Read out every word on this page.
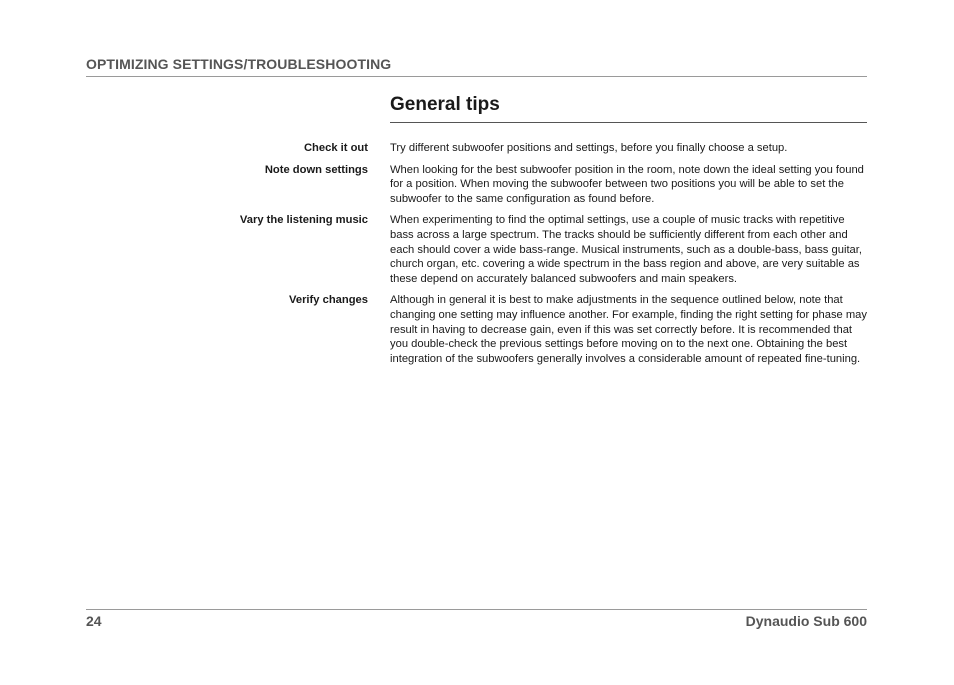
OPTIMIZING SETTINGS/TROUBLESHOOTING
General tips
Check it out Try different subwoofer positions and settings, before you finally choose a setup.
Note down settings When looking for the best subwoofer position in the room, note down the ideal setting you found for a position. When moving the subwoofer between two positions you will be able to set the subwoofer to the same configuration as found before.
Vary the listening music When experimenting to find the optimal settings, use a couple of music tracks with repetitive bass across a large spectrum. The tracks should be sufficiently different from each other and each should cover a wide bass-range. Musical instruments, such as a double-bass, bass guitar, church organ, etc. covering a wide spectrum in the bass region and above, are very suitable as these depend on accurately balanced subwoofers and main speakers.
Verify changes Although in general it is best to make adjustments in the sequence outlined below, note that changing one setting may influence another. For example, finding the right setting for phase may result in having to decrease gain, even if this was set correctly before. It is recommended that you double-check the previous settings before moving on to the next one. Obtaining the best integration of the subwoofers generally involves a considerable amount of repeated fine-tuning.
24	Dynaudio Sub 600
